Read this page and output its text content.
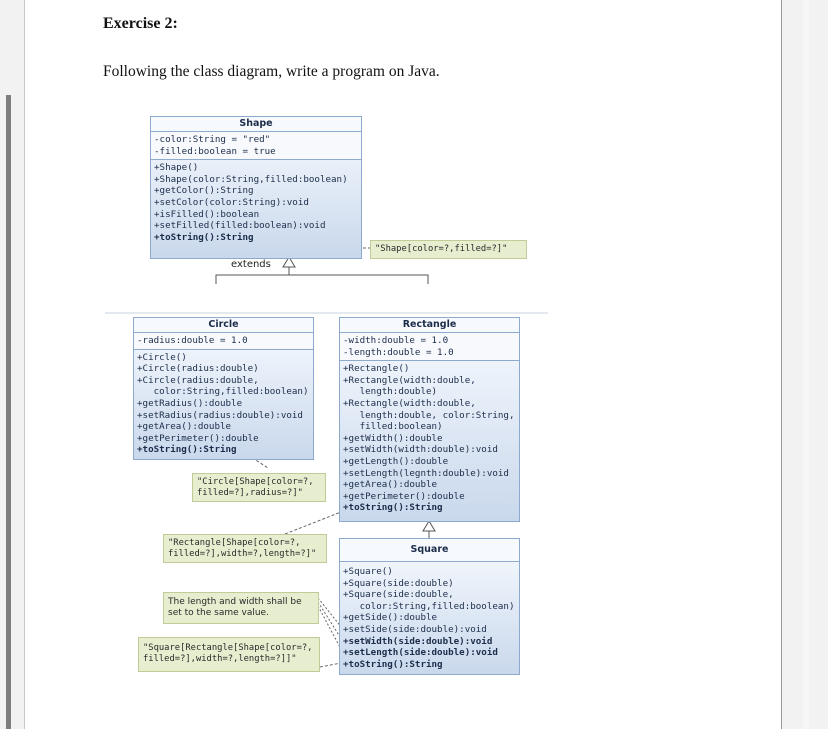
Exercise 2:
Following the class diagram, write a program on Java.
Shape
-color:String = "red"
-filled:boolean = true
+Shape()
+Shape(color:String,filled:boolean)
+getColor():String
+setColor(color:String):void
+isFilled():boolean
+setFilled(filled:boolean):void
+toString():String
extends
"Shape[color=?,filled=?]"
Circle
-radius:double = 1.0
+Circle()
+Circle(radius:double)
+Circle(radius:double,
color:String,filled:boolean)
+getRadius():double
+setRadius(radius:double):void
+getArea():double
+getPerimeter():double
+toString():String
"Circle[Shape[color=?,
filled=?],radius=?]"
Rectangle
-width:double = 1.0
-length:double = 1.0
+Rectangle()
+Rectangle(width:double,
length:double)
+Rectangle(width:double,
length:double, color:String,
filled:boolean)
+getWidth():double
+setWidth(width:double):void
+getLength():double
+setLength(legnth:double):void
+getArea():double
+getPerimeter():double
+toString():String
"Rectangle[Shape[color=?,
filled=?],width=?,length=?]"	Square
+Square()
+Square(side:double)
+Square(side:double,
color:String,filled:boolean)
+getSide():double
+setSide(side:double):void
+setWidth(side:double):void
+setLength(side:double):void
+toString():String
The length and width shall be
set to the same value.
"Square[Rectangle[Shape[color=?,
filled=?],width=?,length=?]]"
